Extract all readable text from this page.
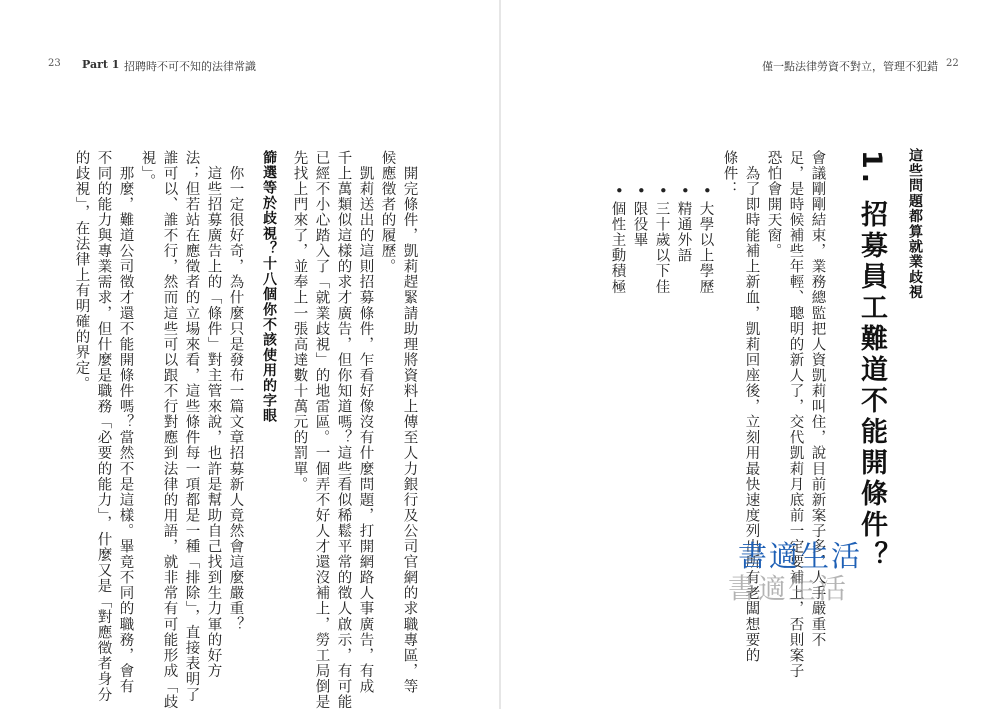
23 Part 1 招聘時不可不知的法律常識	僅一點法律勞資不對立，管理不犯錯 22
這些問題都算就業歧視
1. 招募員工難道不能開條件？
會議剛剛結束，業務總監把人資凱莉叫住，說目前新案子多，人手嚴重不
足，是時候補些年輕、聰明的新人了，交代凱莉月底前一定要補上，否則案子
恐怕會開天窗。
　為了即時能補上新血，凱莉回座後，立刻用最快速度列出所有老闆想要的
條件：
• 大學以上學歷
• 精通外語
• 三十歲以下佳
• 限役畢
• 個性主動積極
　開完條件，凱莉趕緊請助理將資料上傳至人力銀行及公司官網的求職專區，等
候應徵者的履歷。
　凱莉送出的這則招募條件，乍看好像沒有什麼問題，打開網路人事廣告，有成
千上萬類似這樣的求才廣告，但你知道嗎？這些看似稀鬆平常的徵人啟示，有可能
已經不小心踏入了「就業歧視」的地雷區。一個弄不好人才還沒補上，勞工局倒是
先找上門來了，並奉上一張高達數十萬元的罰單。
篩選等於歧視？十八個你不該使用的字眼
　你一定很好奇，為什麼只是發布一篇文章招募新人竟然會這麼嚴重？
　這些招募廣告上的「條件」對主管來說，也許是幫助自己找到生力軍的好方
法；但若站在應徵者的立場來看，這些條件每一項都是一種「排除」，直接表明了
誰可以、誰不行，然而這些可以跟不行對應到法律的用語，就非常有可能形成「歧
視」。
　那麼，難道公司徵才還不能開條件嗎？當然不是這樣。畢竟不同的職務，會有
不同的能力與專業需求，但什麼是職務「必要的能力」，什麼又是「對應徵者身分
的歧視」，在法律上有明確的界定。
書適生活
書適生活
